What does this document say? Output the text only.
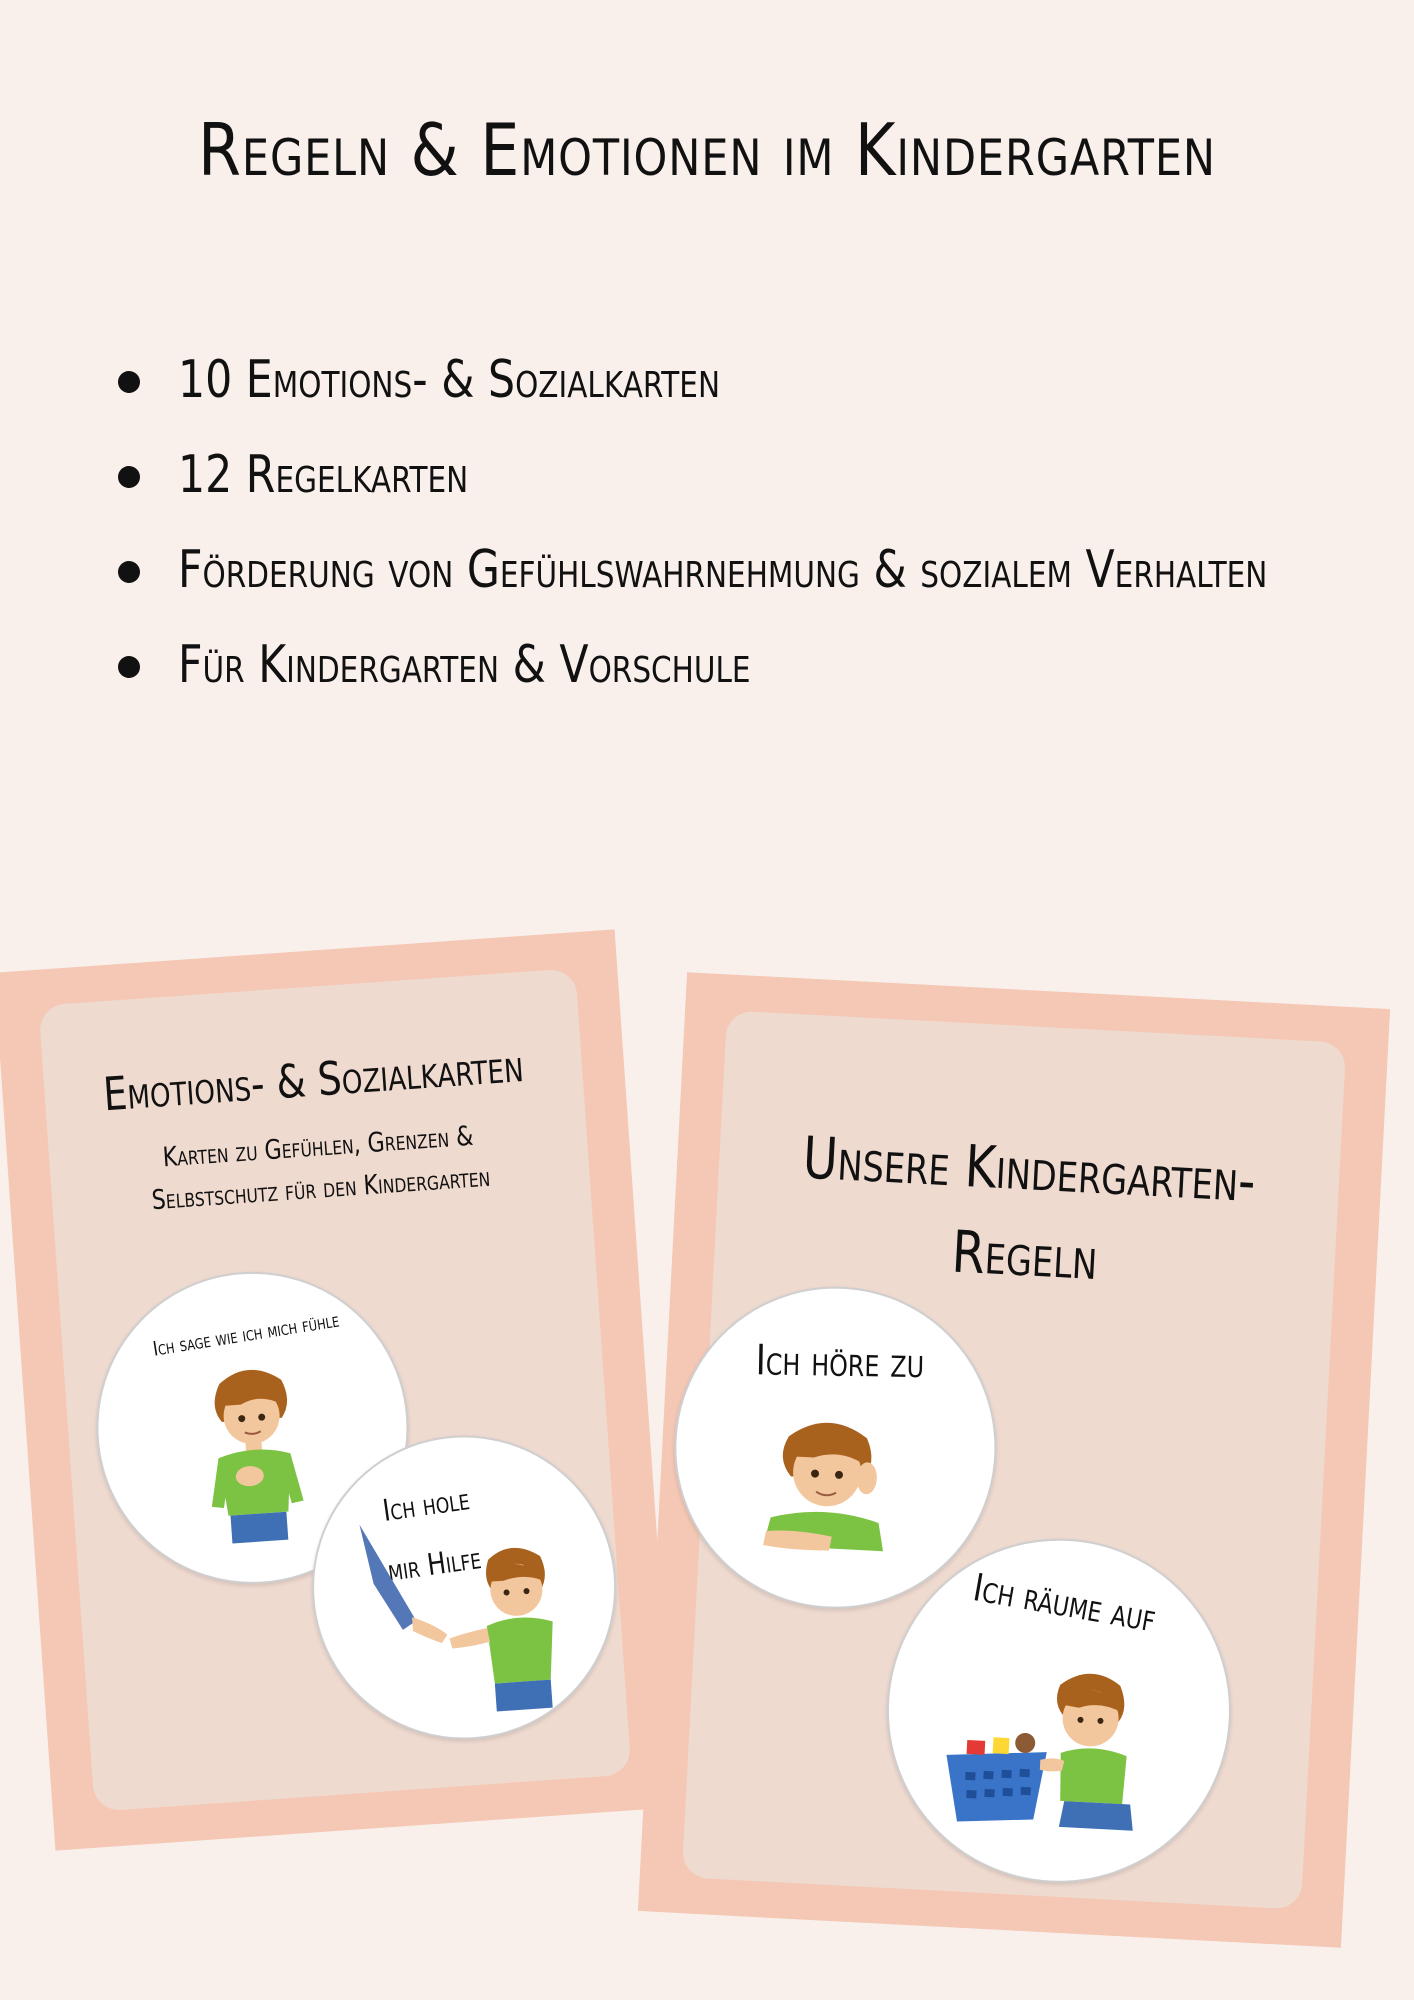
Regeln & Emotionen im Kindergarten
10 Emotions- & Sozialkarten
12 Regelkarten
Förderung von Gefühlswahrnehmung & sozialem Verhalten
Für Kindergarten & Vorschule
Emotions- & Sozialkarten
Karten zu Gefühlen, Grenzen & Selbstschutz für den Kindergarten
Ich sage wie ich mich fühle
Ich hole mir Hilfe
Unsere Kindergarten-Regeln
Ich höre zu
Ich räume auf
